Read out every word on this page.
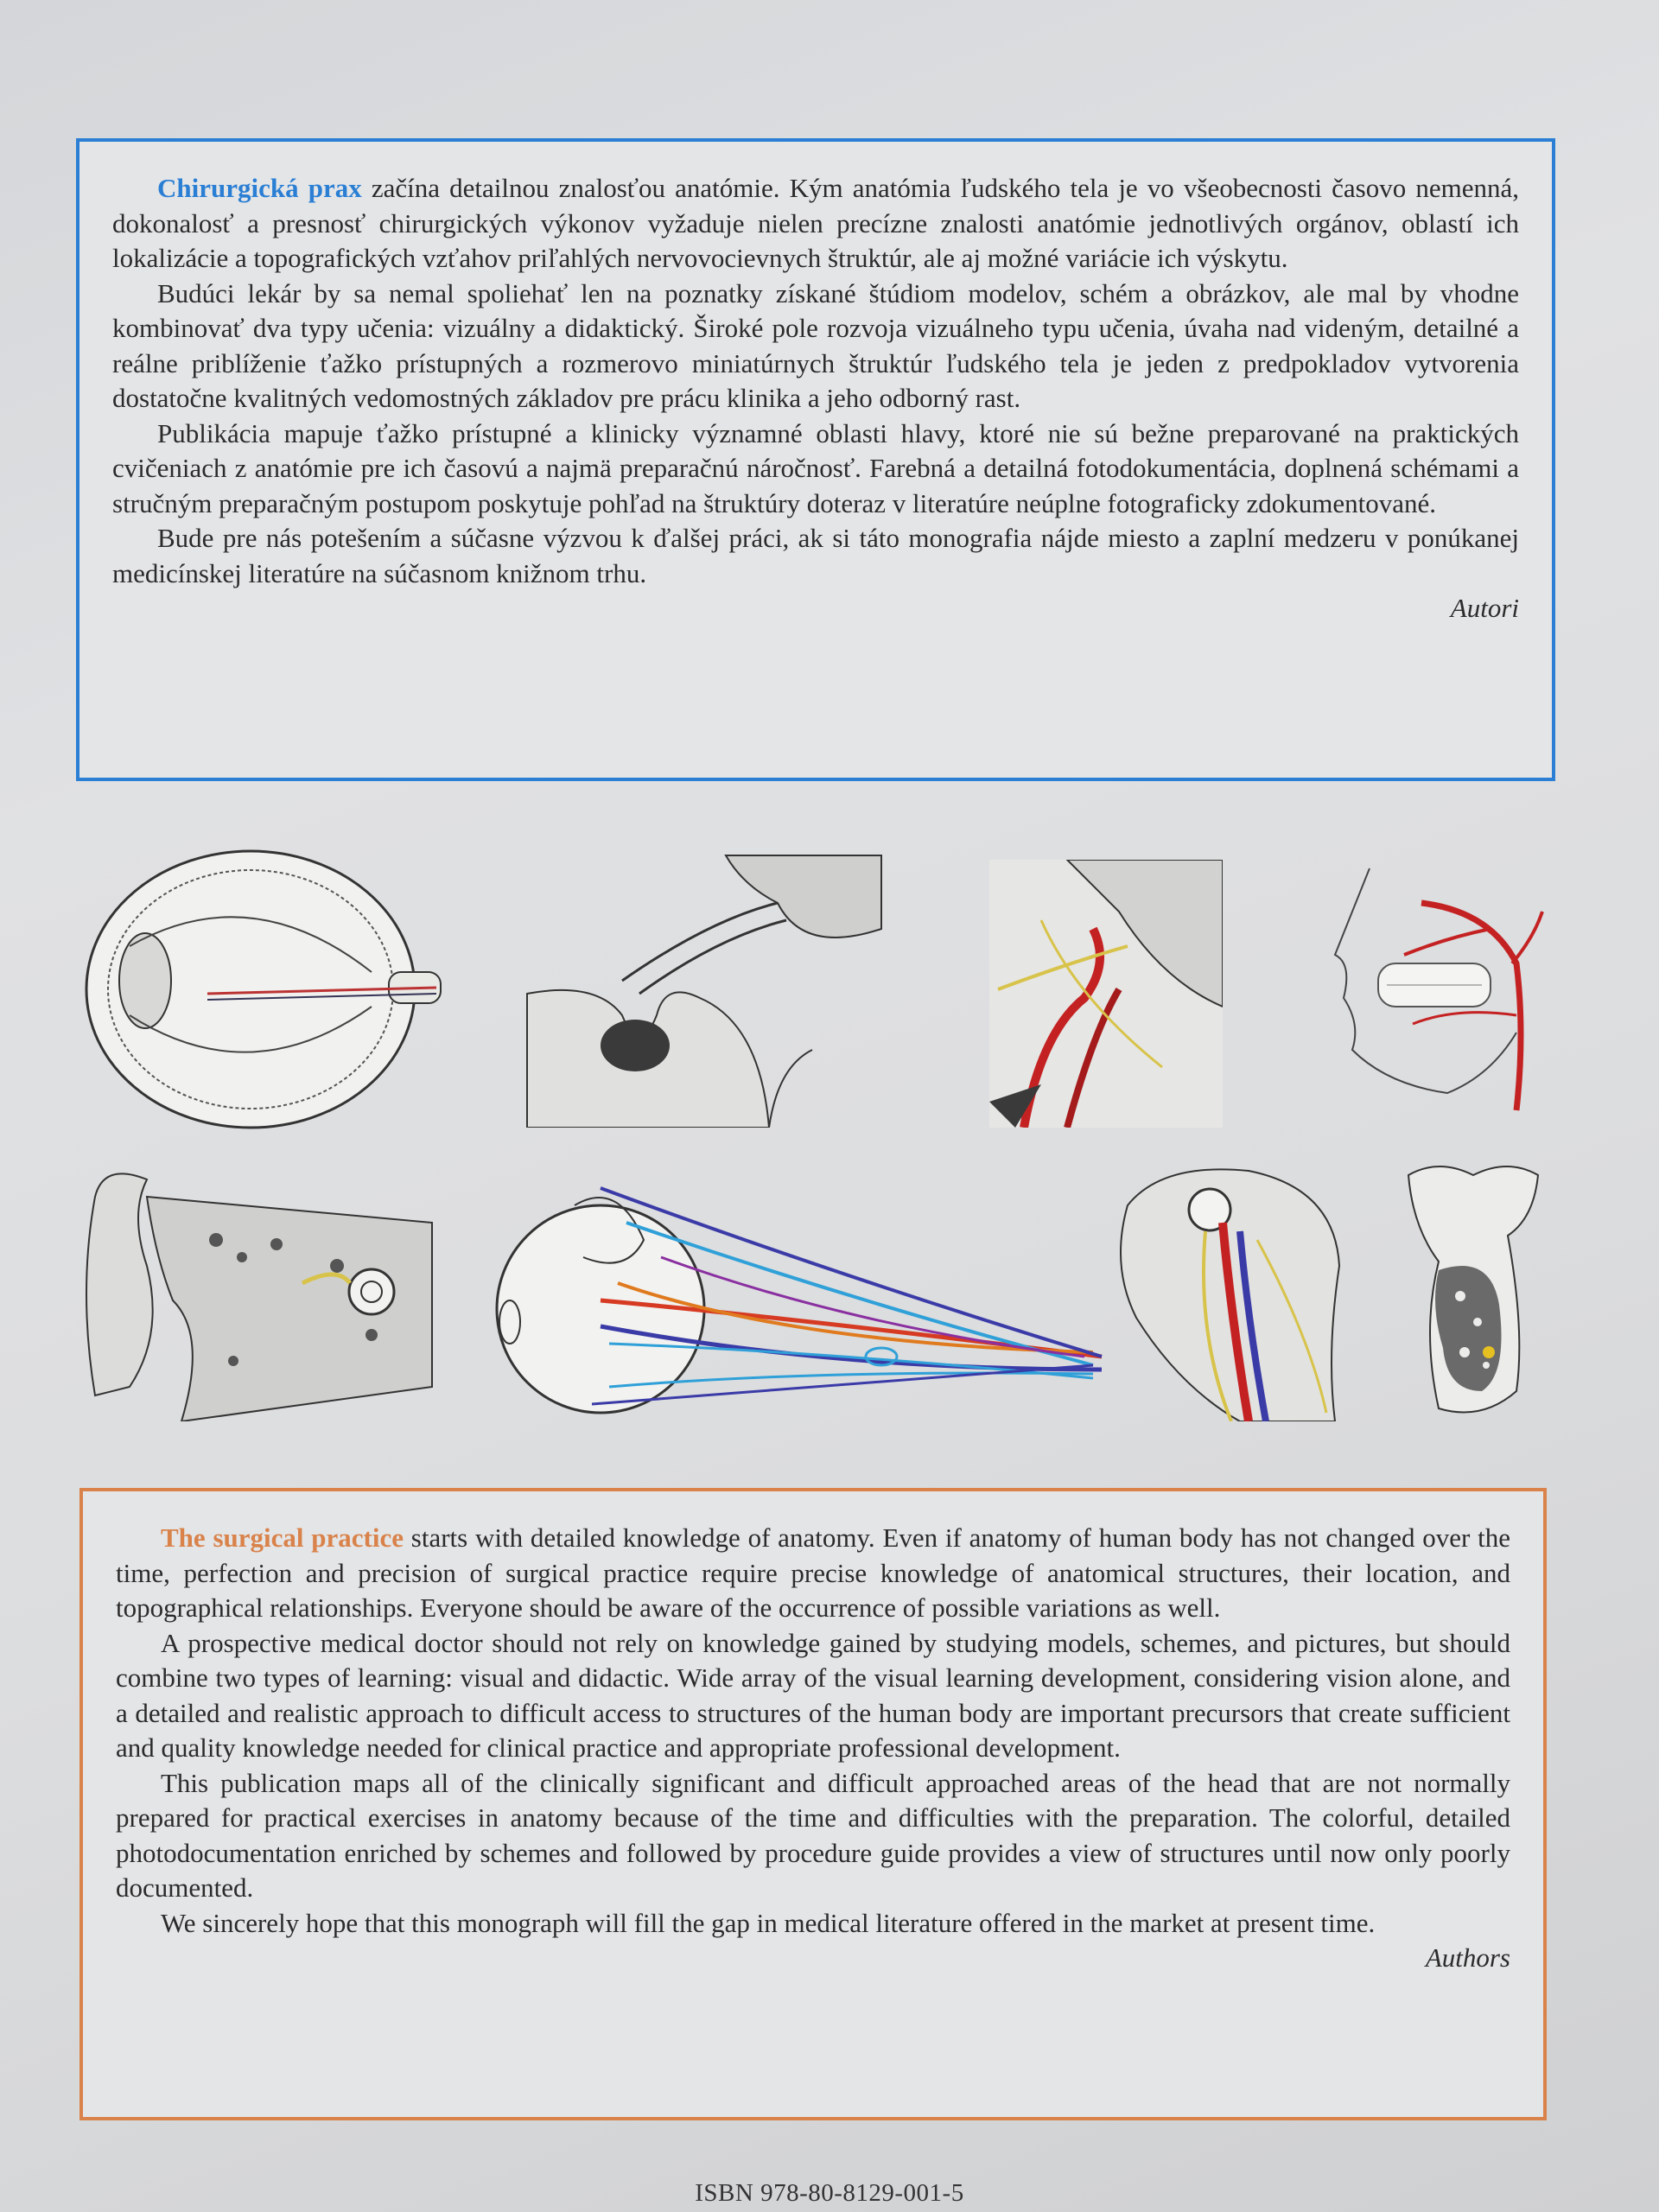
Chirurgická prax začína detailnou znalosťou anatómie. Kým anatómia ľudského tela je vo všeobecnosti časovo nemenná, dokonalosť a presnosť chirurgických výkonov vyžaduje nielen precízne znalosti anatómie jednotlivých orgánov, oblastí ich lokalizácie a topografických vzťahov priľahlých nervovocievnych štruktúr, ale aj možné variácie ich výskytu.

Budúci lekár by sa nemal spoliehať len na poznatky získané štúdiom modelov, schém a obrázkov, ale mal by vhodne kombinovať dva typy učenia: vizuálny a didaktický. Široké pole rozvoja vizuálneho typu učenia, úvaha nad videným, detailné a reálne priblíženie ťažko prístupných a rozmerovo miniatúrnych štruktúr ľudského tela je jeden z predpokladov vytvorenia dostatočne kvalitných vedomostných základov pre prácu klinika a jeho odborný rast.

Publikácia mapuje ťažko prístupné a klinicky významné oblasti hlavy, ktoré nie sú bežne preparované na praktických cvičeniach z anatómie pre ich časovú a najmä preparačnú náročnosť. Farebná a detailná fotodokumentácia, doplnená schémami a stručným preparačným postupom poskytuje pohľad na štruktúry doteraz v literatúre neúplne fotograficky zdokumentované.

Bude pre nás potešením a súčasne výzvou k ďalšej práci, ak si táto monografia nájde miesto a zaplní medzeru v ponúkanej medicínskej literatúre na súčasnom knižnom trhu.

Autori

The surgical practice starts with detailed knowledge of anatomy. Even if anatomy of human body has not changed over the time, perfection and precision of surgical practice require precise knowledge of anatomical structures, their location, and topographical relationships. Everyone should be aware of the occurrence of possible variations as well.

A prospective medical doctor should not rely on knowledge gained by studying models, schemes, and pictures, but should combine two types of learning: visual and didactic. Wide array of the visual learning development, considering vision alone, and a detailed and realistic approach to difficult access to structures of the human body are important precursors that create sufficient and quality knowledge needed for clinical practice and appropriate professional development.

This publication maps all of the clinically significant and difficult approached areas of the head that are not normally prepared for practical exercises in anatomy because of the time and difficulties with the preparation. The colorful, detailed photodocumentation enriched by schemes and followed by procedure guide provides a view of structures until now only poorly documented.

We sincerely hope that this monograph will fill the gap in medical literature offered in the market at present time.

Authors

ISBN 978-80-8129-001-5
